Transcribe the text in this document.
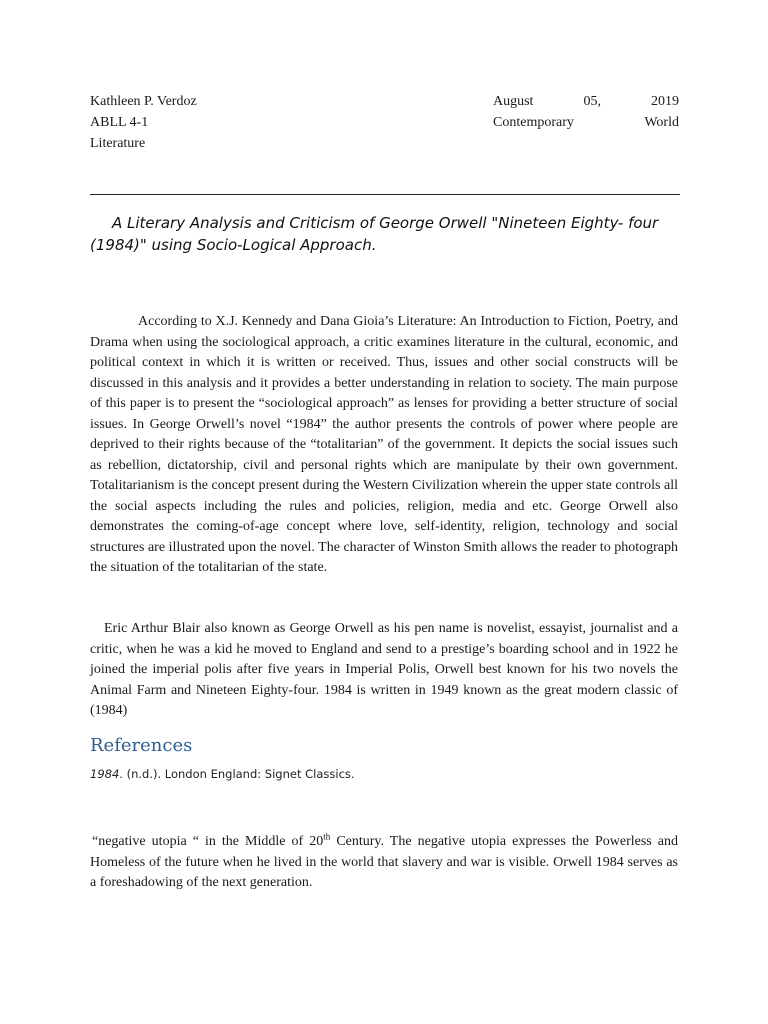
Kathleen P. Verdoz	August	05,	2019
ABLL 4-1	Contemporary	World
Literature
A Literary Analysis and Criticism of George Orwell "Nineteen Eighty- four (1984)" using Socio-Logical Approach.

According to X.J. Kennedy and Dana Gioia’s Literature: An Introduction to Fiction, Poetry, and Drama when using the sociological approach, a critic examines literature in the cultural, economic, and political context in which it is written or received. Thus, issues and other social constructs will be discussed in this analysis and it provides a better understanding in relation to society. The main purpose of this paper is to present the “sociological approach” as lenses for providing a better structure of social issues. In George Orwell’s novel “1984” the author presents the controls of power where people are deprived to their rights because of the “totalitarian” of the government. It depicts the social issues such as rebellion, dictatorship, civil and personal rights which are manipulate by their own government. Totalitarianism is the concept present during the Western Civilization wherein the upper state controls all the social aspects including the rules and policies, religion, media and etc. George Orwell also demonstrates the coming-of-age concept where love, self-identity, religion, technology and social structures are illustrated upon the novel. The character of Winston Smith allows the reader to photograph the situation of the totalitarian of the state.

Eric Arthur Blair also known as George Orwell as his pen name is novelist, essayist, journalist and a critic, when he was a kid he moved to England and send to a prestige’s boarding school and in 1922 he joined the imperial polis after five years in Imperial Polis, Orwell best known for his two novels the Animal Farm and Nineteen Eighty-four. 1984 is written in 1949 known as the great modern classic of (1984)

References
1984. (n.d.). London England: Signet Classics.

“negative utopia “ in the Middle of 20th Century. The negative utopia expresses the Powerless and Homeless of the future when he lived in the world that slavery and war is visible. Orwell 1984 serves as a foreshadowing of the next generation.
